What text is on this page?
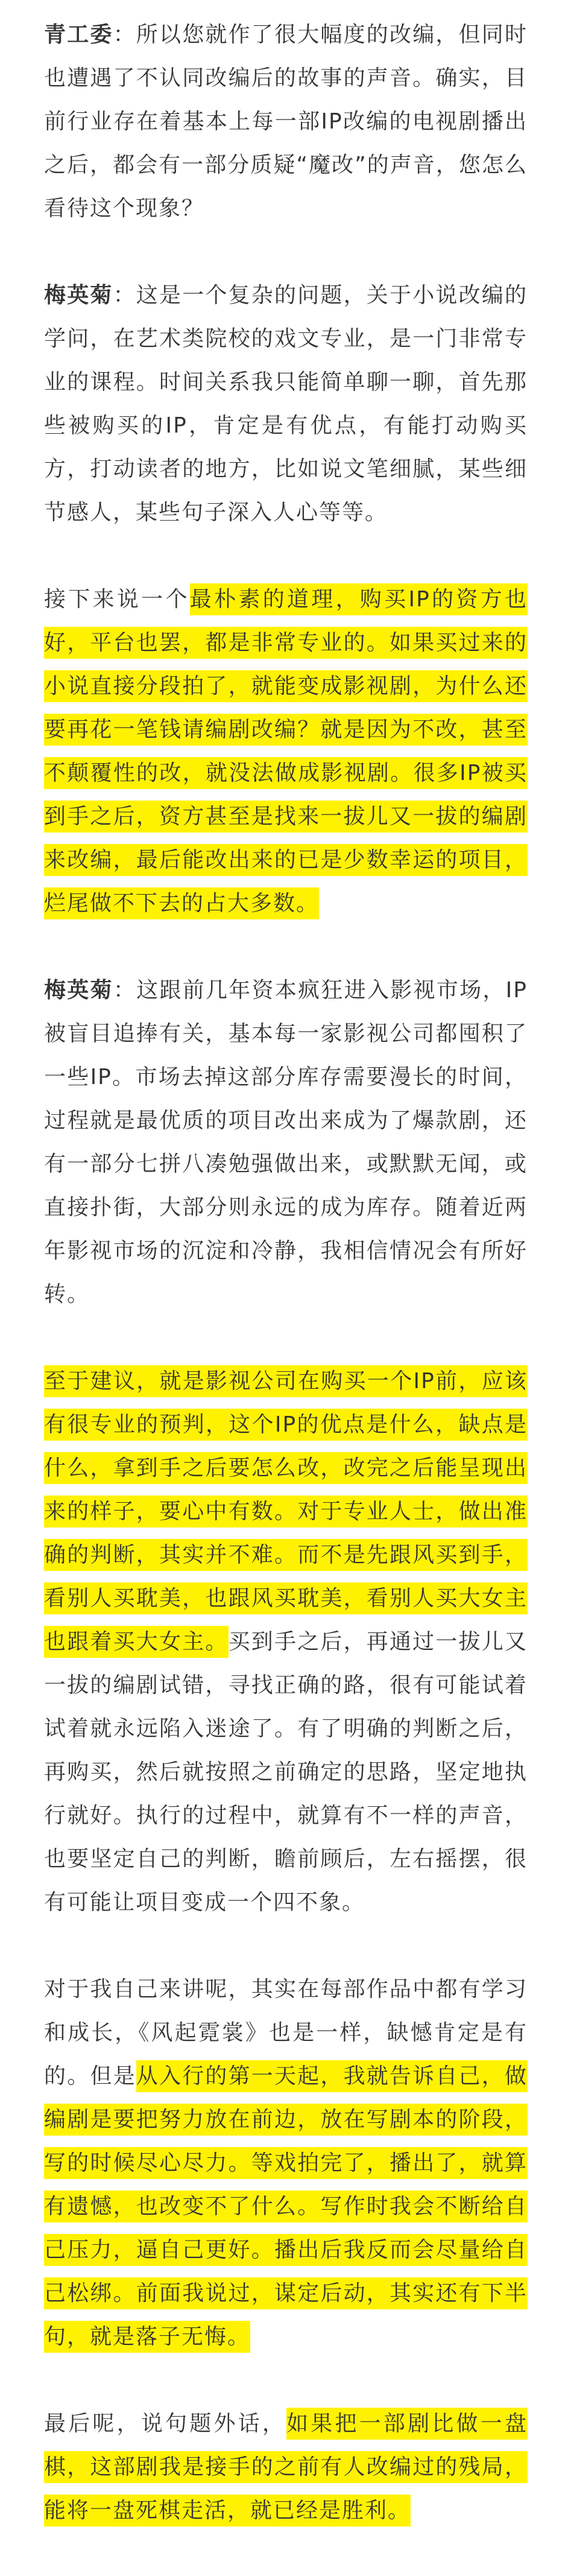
青工委：所以您就作了很大幅度的改编，但同时也遭遇了不认同改编后的故事的声音。确实，目前行业存在着基本上每一部IP改编的电视剧播出之后，都会有一部分质疑“魔改”的声音，您怎么看待这个现象？

梅英菊：这是一个复杂的问题，关于小说改编的学问，在艺术类院校的戏文专业，是一门非常专业的课程。时间关系我只能简单聊一聊，首先那些被购买的IP，肯定是有优点，有能打动购买方，打动读者的地方，比如说文笔细腻，某些细节感人，某些句子深入人心等等。

接下来说一个最朴素的道理，购买IP的资方也好，平台也罢，都是非常专业的。如果买过来的小说直接分段拍了，就能变成影视剧，为什么还要再花一笔钱请编剧改编？就是因为不改，甚至不颠覆性的改，就没法做成影视剧。很多IP被买到手之后，资方甚至是找来一拔儿又一拔的编剧来改编，最后能改出来的已是少数幸运的项目，烂尾做不下去的占大多数。

梅英菊：这跟前几年资本疯狂进入影视市场，IP被盲目追捧有关，基本每一家影视公司都囤积了一些IP。市场去掉这部分库存需要漫长的时间，过程就是最优质的项目改出来成为了爆款剧，还有一部分七拼八凑勉强做出来，或默默无闻，或直接扑街，大部分则永远的成为库存。随着近两年影视市场的沉淀和冷静，我相信情况会有所好转。

至于建议，就是影视公司在购买一个IP前，应该有很专业的预判，这个IP的优点是什么，缺点是什么，拿到手之后要怎么改，改完之后能呈现出来的样子，要心中有数。对于专业人士，做出准确的判断，其实并不难。而不是先跟风买到手，看别人买耽美，也跟风买耽美，看别人买大女主也跟着买大女主。买到手之后，再通过一拔儿又一拔的编剧试错，寻找正确的路，很有可能试着试着就永远陷入迷途了。有了明确的判断之后，再购买，然后就按照之前确定的思路，坚定地执行就好。执行的过程中，就算有不一样的声音，也要坚定自己的判断，瞻前顾后，左右摇摆，很有可能让项目变成一个四不象。

对于我自己来讲呢，其实在每部作品中都有学习和成长，《风起霓裳》也是一样，缺憾肯定是有的。但是从入行的第一天起，我就告诉自己，做编剧是要把努力放在前边，放在写剧本的阶段，写的时候尽心尽力。等戏拍完了，播出了，就算有遗憾，也改变不了什么。写作时我会不断给自己压力，逼自己更好。播出后我反而会尽量给自己松绑。前面我说过，谋定后动，其实还有下半句，就是落子无悔。

最后呢，说句题外话，如果把一部剧比做一盘棋，这部剧我是接手的之前有人改编过的残局，能将一盘死棋走活，就已经是胜利。
